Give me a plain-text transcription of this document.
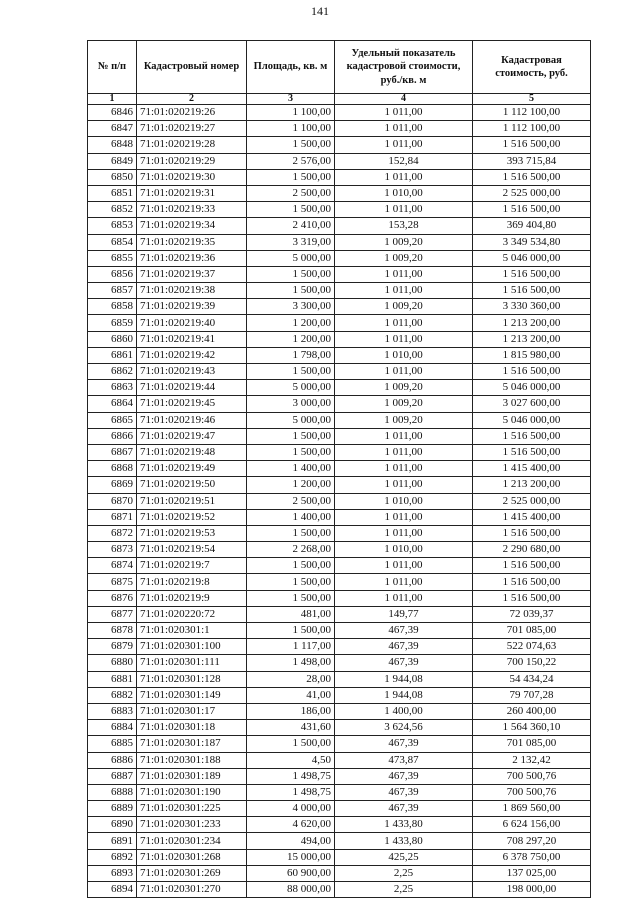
141
№ п/п	Кадастровый номер	Площадь, кв. м	Удельный показатель кадастровой стоимости, руб./кв. м	Кадастровая стоимость, руб.
1	2	3	4	5
6846	71:01:020219:26	1 100,00	1 011,00	1 112 100,00
6847	71:01:020219:27	1 100,00	1 011,00	1 112 100,00
6848	71:01:020219:28	1 500,00	1 011,00	1 516 500,00
6849	71:01:020219:29	2 576,00	152,84	393 715,84
6850	71:01:020219:30	1 500,00	1 011,00	1 516 500,00
6851	71:01:020219:31	2 500,00	1 010,00	2 525 000,00
6852	71:01:020219:33	1 500,00	1 011,00	1 516 500,00
6853	71:01:020219:34	2 410,00	153,28	369 404,80
6854	71:01:020219:35	3 319,00	1 009,20	3 349 534,80
6855	71:01:020219:36	5 000,00	1 009,20	5 046 000,00
6856	71:01:020219:37	1 500,00	1 011,00	1 516 500,00
6857	71:01:020219:38	1 500,00	1 011,00	1 516 500,00
6858	71:01:020219:39	3 300,00	1 009,20	3 330 360,00
6859	71:01:020219:40	1 200,00	1 011,00	1 213 200,00
6860	71:01:020219:41	1 200,00	1 011,00	1 213 200,00
6861	71:01:020219:42	1 798,00	1 010,00	1 815 980,00
6862	71:01:020219:43	1 500,00	1 011,00	1 516 500,00
6863	71:01:020219:44	5 000,00	1 009,20	5 046 000,00
6864	71:01:020219:45	3 000,00	1 009,20	3 027 600,00
6865	71:01:020219:46	5 000,00	1 009,20	5 046 000,00
6866	71:01:020219:47	1 500,00	1 011,00	1 516 500,00
6867	71:01:020219:48	1 500,00	1 011,00	1 516 500,00
6868	71:01:020219:49	1 400,00	1 011,00	1 415 400,00
6869	71:01:020219:50	1 200,00	1 011,00	1 213 200,00
6870	71:01:020219:51	2 500,00	1 010,00	2 525 000,00
6871	71:01:020219:52	1 400,00	1 011,00	1 415 400,00
6872	71:01:020219:53	1 500,00	1 011,00	1 516 500,00
6873	71:01:020219:54	2 268,00	1 010,00	2 290 680,00
6874	71:01:020219:7	1 500,00	1 011,00	1 516 500,00
6875	71:01:020219:8	1 500,00	1 011,00	1 516 500,00
6876	71:01:020219:9	1 500,00	1 011,00	1 516 500,00
6877	71:01:020220:72	481,00	149,77	72 039,37
6878	71:01:020301:1	1 500,00	467,39	701 085,00
6879	71:01:020301:100	1 117,00	467,39	522 074,63
6880	71:01:020301:111	1 498,00	467,39	700 150,22
6881	71:01:020301:128	28,00	1 944,08	54 434,24
6882	71:01:020301:149	41,00	1 944,08	79 707,28
6883	71:01:020301:17	186,00	1 400,00	260 400,00
6884	71:01:020301:18	431,60	3 624,56	1 564 360,10
6885	71:01:020301:187	1 500,00	467,39	701 085,00
6886	71:01:020301:188	4,50	473,87	2 132,42
6887	71:01:020301:189	1 498,75	467,39	700 500,76
6888	71:01:020301:190	1 498,75	467,39	700 500,76
6889	71:01:020301:225	4 000,00	467,39	1 869 560,00
6890	71:01:020301:233	4 620,00	1 433,80	6 624 156,00
6891	71:01:020301:234	494,00	1 433,80	708 297,20
6892	71:01:020301:268	15 000,00	425,25	6 378 750,00
6893	71:01:020301:269	60 900,00	2,25	137 025,00
6894	71:01:020301:270	88 000,00	2,25	198 000,00
